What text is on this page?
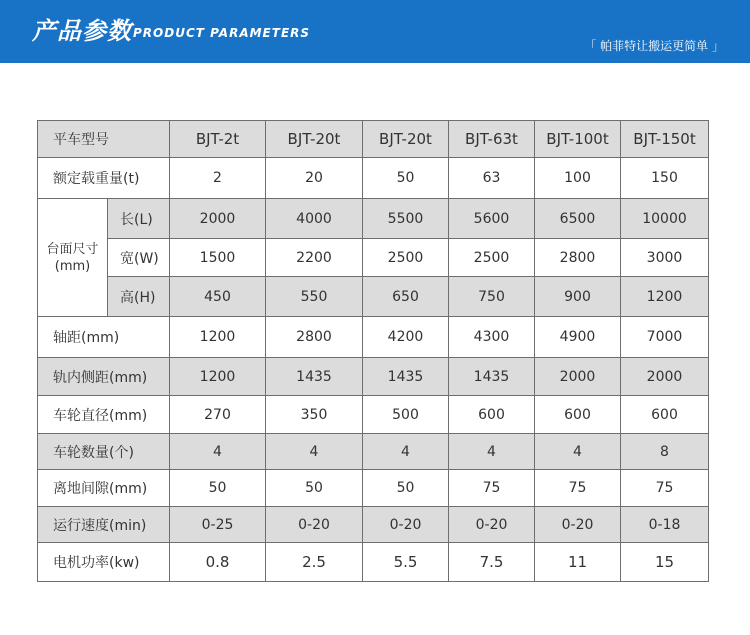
产品参数 PRODUCT PARAMETERS
「 帕菲特让搬运更简单 」
平车型号		BJT-2t	BJT-20t	BJT-20t	BJT-63t	BJT-100t	BJT-150t
额定载重量(t)		2	20	50	63	100	150
台面尺寸
(mm)	长(L)	2000	4000	5500	5600	6500	10000
	宽(W)	1500	2200	2500	2500	2800	3000
	高(H)	450	550	650	750	900	1200
轴距(mm)		1200	2800	4200	4300	4900	7000
轨内侧距(mm)		1200	1435	1435	1435	2000	2000
车轮直径(mm)		270	350	500	600	600	600
车轮数量(个)		4	4	4	4	4	8
离地间隙(mm)		50	50	50	75	75	75
运行速度(min)		0-25	0-20	0-20	0-20	0-20	0-18
电机功率(kw)		0.8	2.5	5.5	7.5	11	15
